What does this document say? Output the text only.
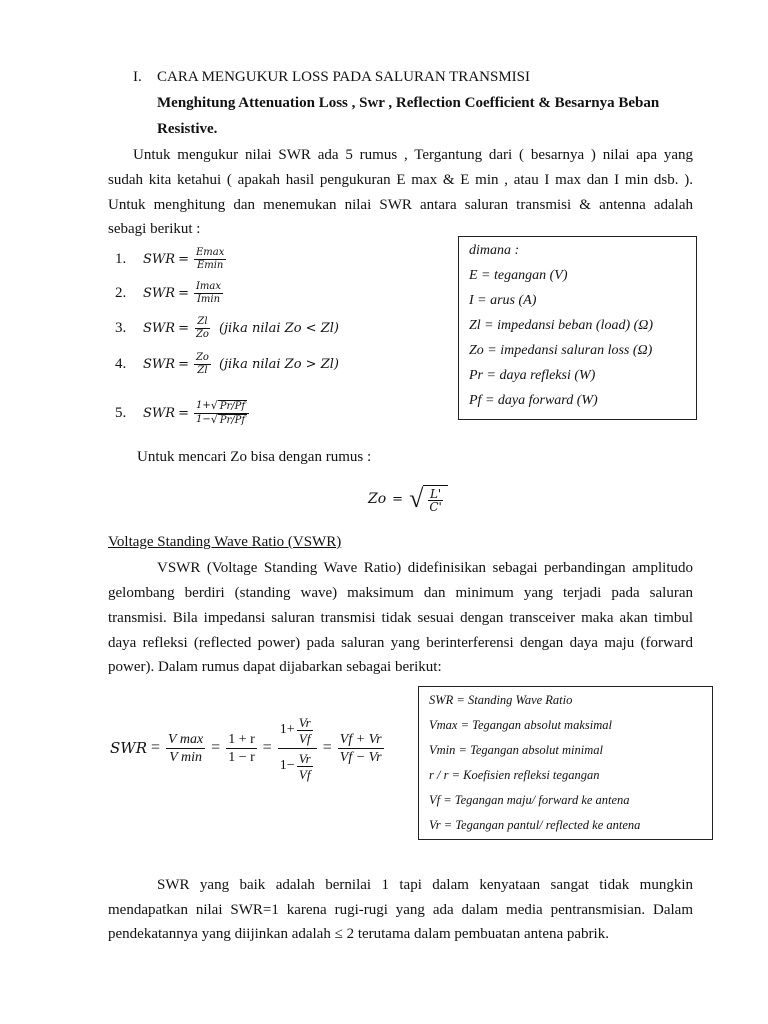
I. CARA MENGUKUR LOSS PADA SALURAN TRANSMISI
Menghitung Attenuation Loss , Swr , Reflection Coefficient & Besarnya Beban
Resistive.
Untuk mengukur nilai SWR ada 5 rumus , Tergantung dari ( besarnya ) nilai apa yang
sudah kita ketahui ( apakah hasil pengukuran E max & E min , atau I max dan I min dsb. ).
Untuk menghitung dan menemukan nilai SWR antara saluran transmisi & antenna adalah
sebagi berikut :
1.	SWR = $\frac{Emax}{Emin}$
2.	SWR = $\frac{Imax}{Imin}$
3.	SWR = $\frac{Zl}{Zo}$ (jika nilai Zo < Zl)
4.	SWR = $\frac{Zo}{Zl}$ (jika nilai Zo > Zl)
5.	SWR = $\frac{1+ √ Pr/Pf}{1- √ Pr/Pf}$
dimana :
E = tegangan (V)
I = arus (A)
Zl = impedansi beban (load) (Ω)
Zo = impedansi saluran loss (Ω)
Pr = daya refleksi (W)
Pf = daya forward (W)
Untuk mencari Zo bisa dengan rumus :
Zo = √ $\frac{L'}{C'}$
Voltage Standing Wave Ratio (VSWR)
VSWR (Voltage Standing Wave Ratio) didefinisikan sebagai perbandingan amplitudo
gelombang berdiri (standing wave) maksimum dan minimum yang terjadi pada saluran
transmisi. Bila impedansi saluran transmisi tidak sesuai dengan transceiver maka akan timbul
daya refleksi (reflected power) pada saluran yang berinterferensi dengan daya maju (forward
power). Dalam rumus dapat dijabarkan sebagai berikut:
SWR = $\frac{\text{V max}}{\text{V min}} = \frac{1 + r}{1 - r} = \frac{1+ \frac{Vr}{Vf}}{1- \frac{Vr}{Vf}} = \frac{Vf + Vr}{Vf - Vr}$
SWR = Standing Wave Ratio
Vmax = Tegangan absolut maksimal
Vmin = Tegangan absolut minimal
r / r = Koefisien refleksi tegangan
Vf = Tegangan maju/ forward ke antena
Vr = Tegangan pantul/ reflected ke antena
SWR yang baik adalah bernilai 1 tapi dalam kenyataan sangat tidak mungkin
mendapatkan nilai SWR=1 karena rugi-rugi yang ada dalam media pentransmisian. Dalam
pendekatannya yang diijinkan adalah ≤ 2 terutama dalam pembuatan antena pabrik.
